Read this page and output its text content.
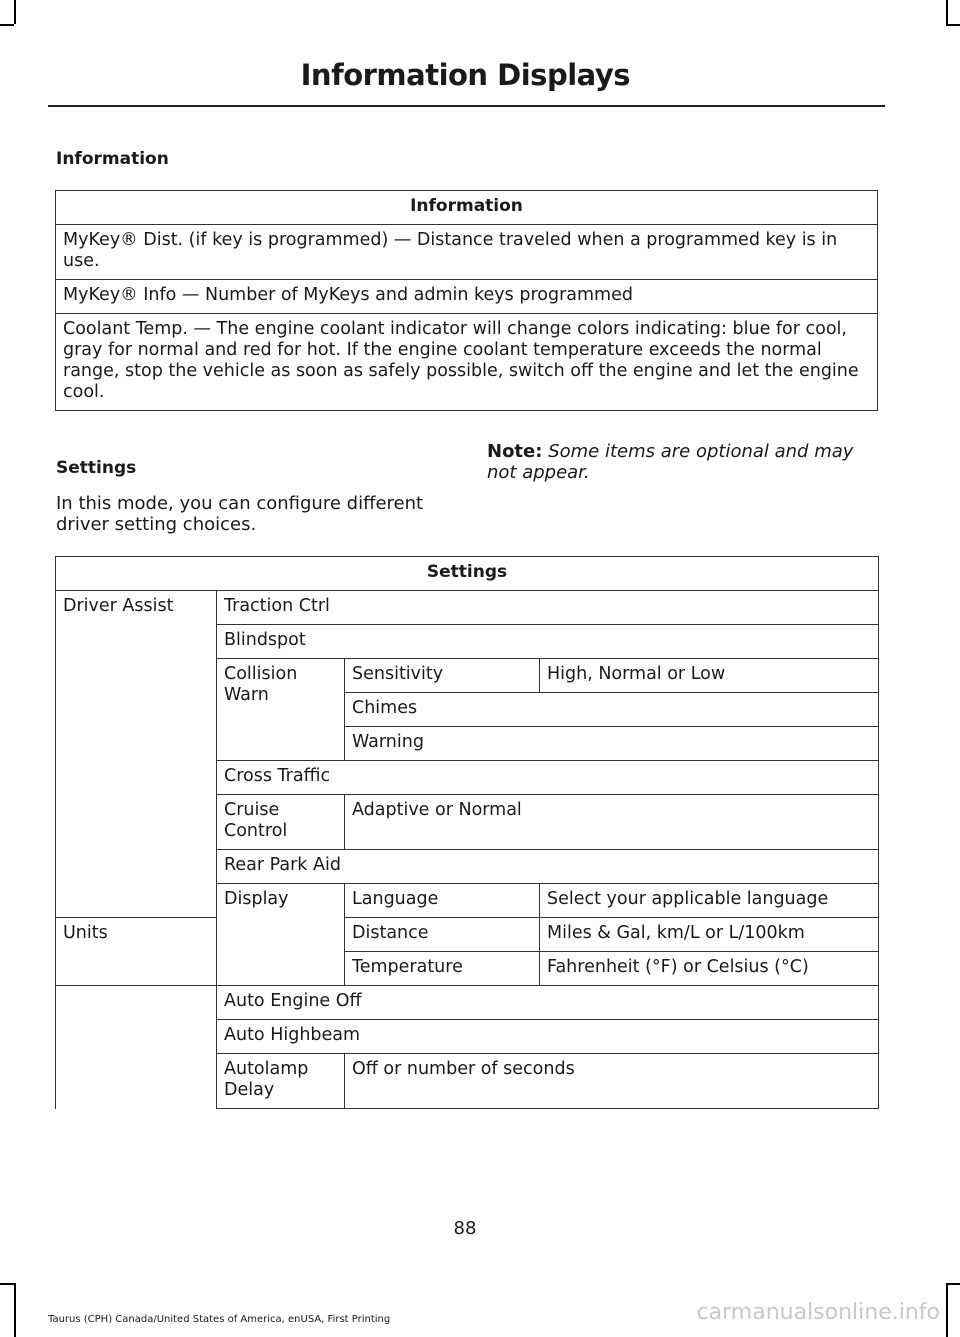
Information Displays
Information
Information
MyKey® Dist. (if key is programmed) — Distance traveled when a programmed key is in use.
MyKey® Info — Number of MyKeys and admin keys programmed
Coolant Temp. — The engine coolant indicator will change colors indicating: blue for cool, gray for normal and red for hot. If the engine coolant temperature exceeds the normal range, stop the vehicle as soon as safely possible, switch off the engine and let the engine cool.
Settings
In this mode, you can configure different driver setting choices.
Note: Some items are optional and may not appear.
Settings			
Driver Assist	Traction Ctrl		
	Blindspot		
	Collision Warn	Sensitivity	High, Normal or Low
		Chimes	
		Warning	
	Cross Traffic		
	Cruise Control	Adaptive or Normal	
	Rear Park Aid		
	Display	Language	Select your applicable language
Units		Distance	Miles & Gal, km/L or L/100km
		Temperature	Fahrenheit (°F) or Celsius (°C)
	Auto Engine Off		
	Auto Highbeam		
	Autolamp Delay	Off or number of seconds	
88
Taurus (CPH) Canada/United States of America, enUSA, First Printing	carmanualsonline.info
